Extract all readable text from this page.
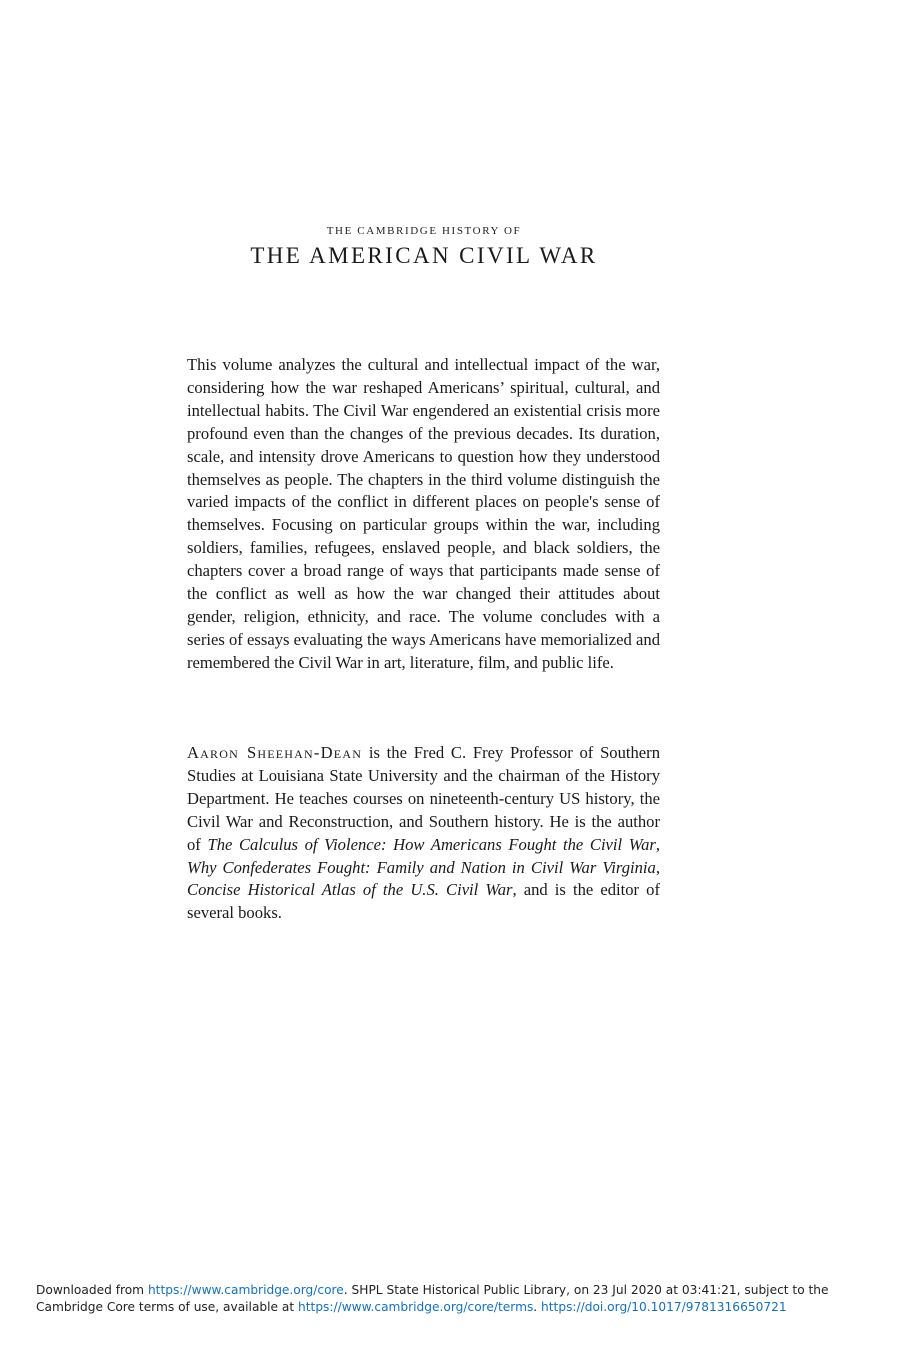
THE CAMBRIDGE HISTORY OF
THE AMERICAN CIVIL WAR

This volume analyzes the cultural and intellectual impact of the war, considering how the war reshaped Americans’ spiritual, cultural, and intellectual habits. The Civil War engendered an existential crisis more profound even than the changes of the previous decades. Its duration, scale, and intensity drove Americans to question how they understood themselves as people. The chapters in the third volume distinguish the varied impacts of the conflict in different places on people's sense of themselves. Focusing on particular groups within the war, including soldiers, families, refugees, enslaved people, and black soldiers, the chapters cover a broad range of ways that participants made sense of the conflict as well as how the war changed their attitudes about gender, religion, ethnicity, and race. The volume concludes with a series of essays evaluating the ways Americans have memorialized and remembered the Civil War in art, literature, film, and public life.

Aaron Sheehan-Dean is the Fred C. Frey Professor of Southern Studies at Louisiana State University and the chairman of the History Department. He teaches courses on nineteenth-century US history, the Civil War and Reconstruction, and Southern history. He is the author of The Calculus of Violence: How Americans Fought the Civil War, Why Confederates Fought: Family and Nation in Civil War Virginia, Concise Historical Atlas of the U.S. Civil War, and is the editor of several books.

Downloaded from https://www.cambridge.org/core. SHPL State Historical Public Library, on 23 Jul 2020 at 03:41:21, subject to the Cambridge Core terms of use, available at https://www.cambridge.org/core/terms. https://doi.org/10.1017/9781316650721
